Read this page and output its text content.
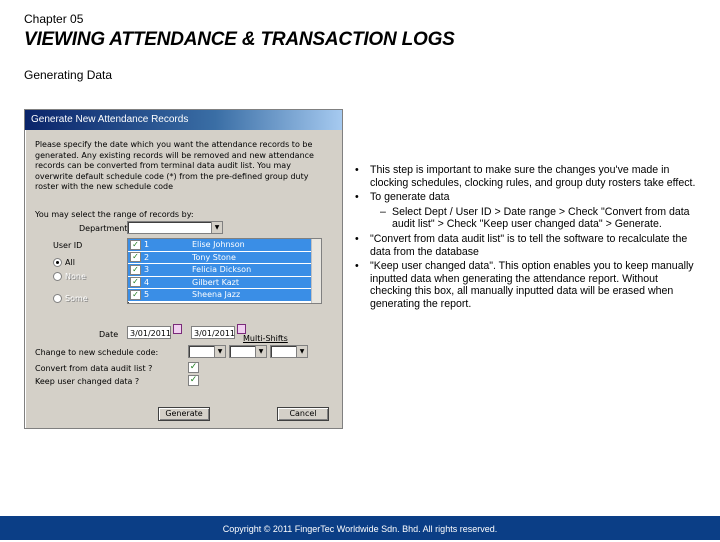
Chapter 05
VIEWING ATTENDANCE & TRANSACTION LOGS
Generating Data
Generate New Attendance Records
Please specify the date which you want the attendance records to be generated. Any existing records will be removed and new attendance records can be converted from terminal data audit list. You may overwrite default schedule code (*) from the pre-defined group duty roster with the new schedule code
You may select the range of records by:
Department	▼
User ID
All
None
Some
✓ 1	Elise Johnson
✓ 2	Tony Stone
✓ 3	Felicia Dickson
✓ 4	Gilbert Kazt
✓ 5	Sheena Jazz
Date	3/01/2011	3/01/2011
Multi-Shifts
Change to new schedule code:	▼	▼	▼
Convert from data audit list ?	✓
Keep user changed data ?	✓
Generate	Cancel
• This step is important to make sure the changes you've made in clocking schedules, clocking rules, and group duty rosters take effect.
• To generate data
– Select Dept / User ID > Date range > Check "Convert from data audit list" > Check "Keep user changed data" > Generate.
• "Convert from data audit list" is to tell the software to recalculate the data from the database
• "Keep user changed data". This option enables you to keep manually inputted data when generating the attendance report. Without checking this box, all manually inputted data will be erased when generating the report.
Copyright © 2011 FingerTec Worldwide Sdn. Bhd. All rights reserved.
